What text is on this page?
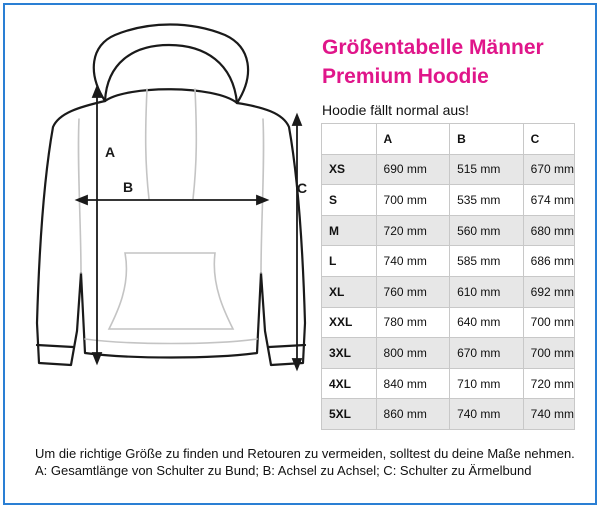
A
B	C
Größentabelle Männer
Premium Hoodie
Hoodie fällt normal aus!
	A	B	C
XS	690 mm	515 mm	670 mm
S	700 mm	535 mm	674 mm
M	720 mm	560 mm	680 mm
L	740 mm	585 mm	686 mm
XL	760 mm	610 mm	692 mm
XXL	780 mm	640 mm	700 mm
3XL	800 mm	670 mm	700 mm
4XL	840 mm	710 mm	720 mm
5XL	860 mm	740 mm	740 mm
Um die richtige Größe zu finden und Retouren zu vermeiden, solltest du deine Maße nehmen. A: Gesamtlänge von Schulter zu Bund; B: Achsel zu Achsel; C: Schulter zu Ärmelbund
